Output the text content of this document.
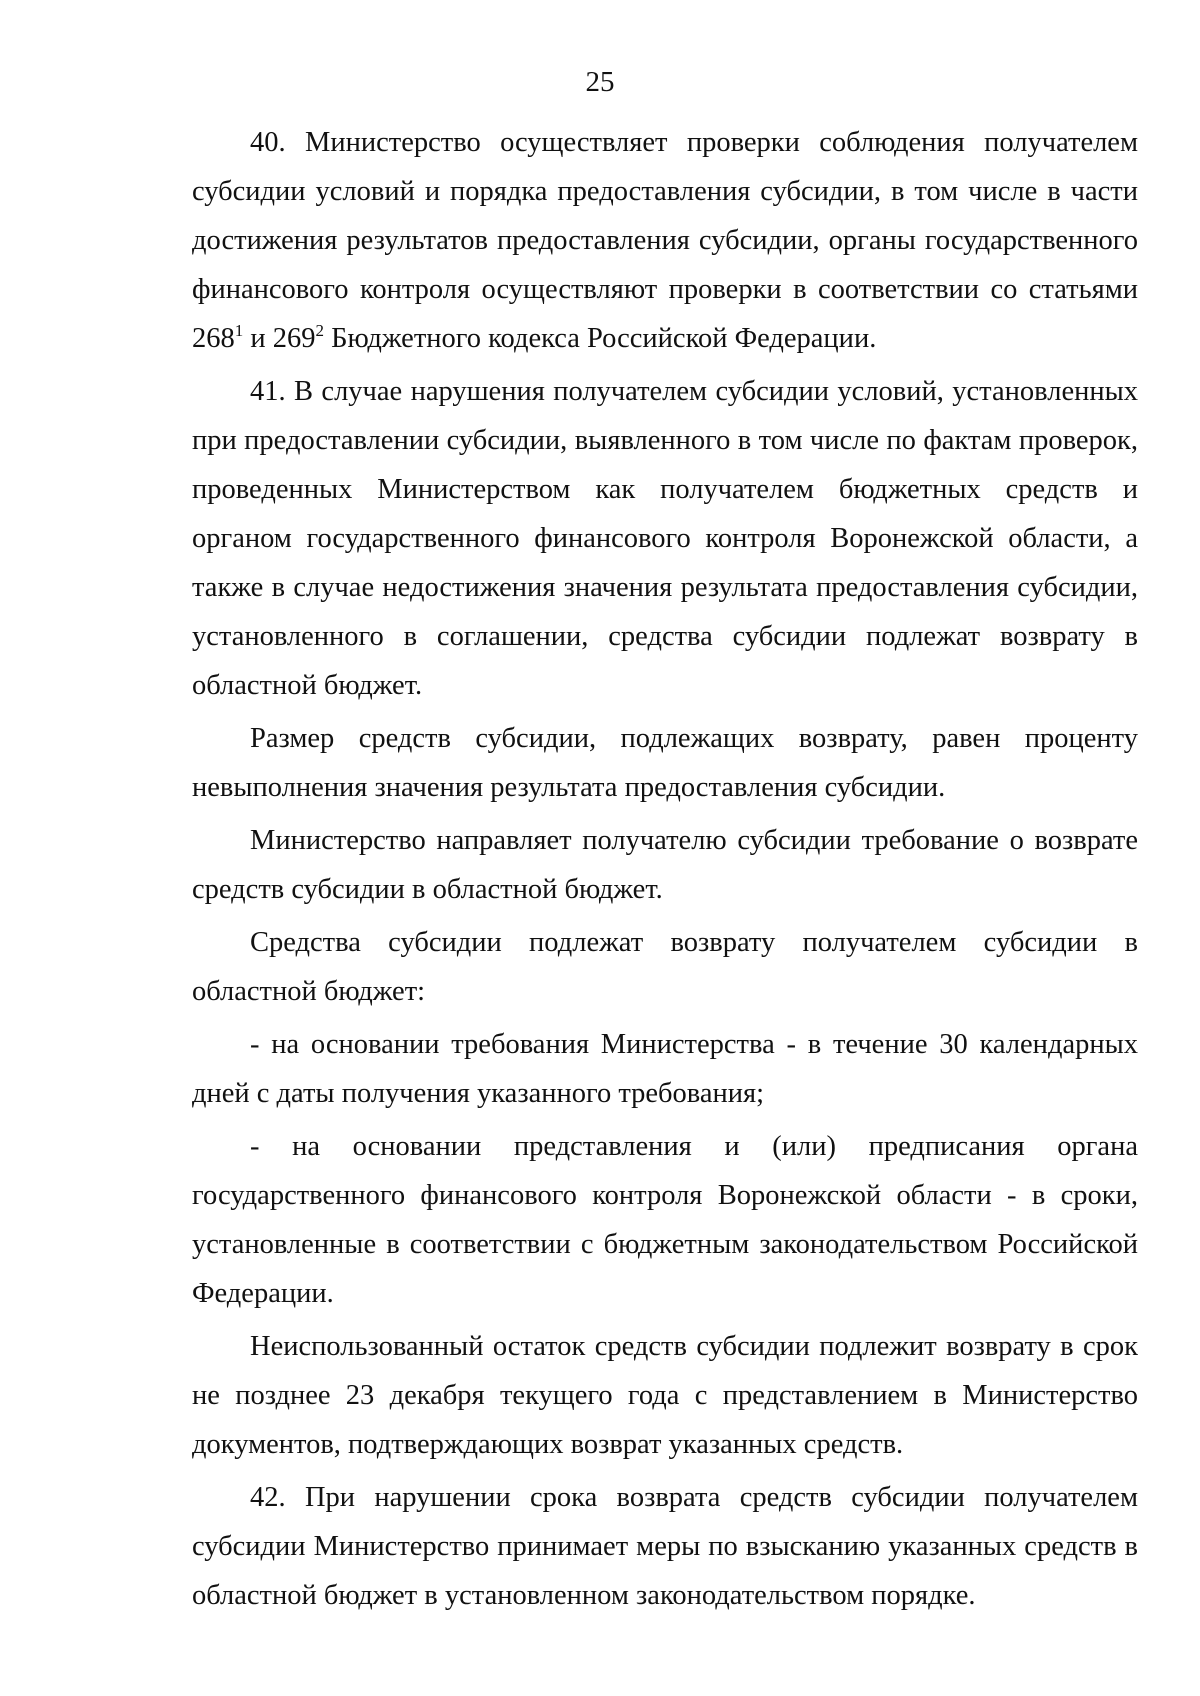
25

40. Министерство осуществляет проверки соблюдения получателем субсидии условий и порядка предоставления субсидии, в том числе в части достижения результатов предоставления субсидии, органы государственного финансового контроля осуществляют проверки в соответствии со статьями $268^1$ и $269^2$ Бюджетного кодекса Российской Федерации.

41. В случае нарушения получателем субсидии условий, установленных при предоставлении субсидии, выявленного в том числе по фактам проверок, проведенных Министерством как получателем бюджетных средств и органом государственного финансового контроля Воронежской области, а также в случае недостижения значения результата предоставления субсидии, установленного в соглашении, средства субсидии подлежат возврату в областной бюджет.

Размер средств субсидии, подлежащих возврату, равен проценту невыполнения значения результата предоставления субсидии.

Министерство направляет получателю субсидии требование о возврате средств субсидии в областной бюджет.

Средства субсидии подлежат возврату получателем субсидии в областной бюджет:

- на основании требования Министерства - в течение 30 календарных дней с даты получения указанного требования;

- на основании представления и (или) предписания органа государственного финансового контроля Воронежской области - в сроки, установленные в соответствии с бюджетным законодательством Российской Федерации.

Неиспользованный остаток средств субсидии подлежит возврату в срок не позднее 23 декабря текущего года с представлением в Министерство документов, подтверждающих возврат указанных средств.

42. При нарушении срока возврата средств субсидии получателем субсидии Министерство принимает меры по взысканию указанных средств в областной бюджет в установленном законодательством порядке.
